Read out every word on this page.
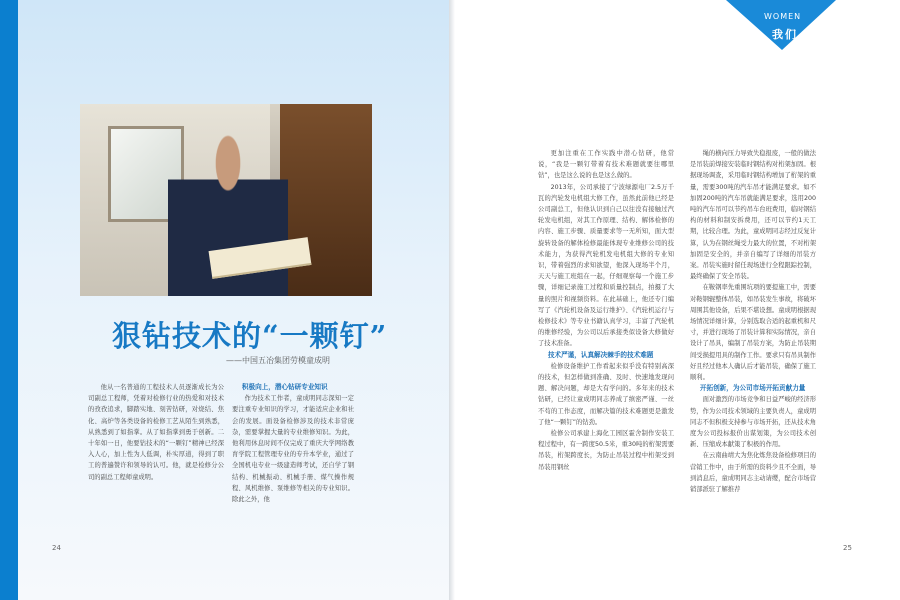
狠钻技术的“一颗钉”

——中国五冶集团劳模童成明

他从一名普通的工程技术人员逐渐成长为公司副总工程师，凭着对检修行业的热爱和对技术的孜孜追求，脚踏实地、刻苦钻研，对烧结、焦化、高炉等各类设备的检修工艺从陌生到熟悉，从熟悉到了如指掌。从了如指掌到勇于创新。二十年如一日，他要钻技术的“一颗钉”精神已经深入人心，加上性为人低调，朴实厚道，得到了职工的普遍赞许和领导的认可。他，就是检修分公司的副总工程师童成明。

积极向上，潜心钻研专业知识

作为技术工作者，童成明同志深知一定要注重专业知识的学习，才能适应企业和社会的发展。面设备检修涉及的技术非常庞杂，需要掌握大量的专业维修知识。为此，他利用休息时间不仅完成了重庆大学网络教育学院工程管理专业的专升本学业，通过了全国机电专业一级建造师考试，还自学了钢结构、机械振动、机械手册、煤气操作规程、风机维修、泵维修等相关的专业知识。除此之外，他

24
WOMEN
我们

更加注重在工作实践中潜心钻研，他常说，“我是一颗钉带着有技术难题就要往哪里钻”，也是这么说的也是这么做的。

2013年，公司承接了宁波绿源电厂2.5万千瓦的汽轮发电机组大修工作，虽然此前他已经是公司副总工，但他认识到自己以往没有接触过汽轮发电机组，对其工作原理、结构、解体检修的内容、施工步骤、质量要求等一无所知，面大型旋转设备的解体检修最能体现专业维修公司的技术能力，为获得汽轮机发电机组大修的专业知识，带着强烈的求知欲望，他深入现场半个月，天天与施工班组在一起，仔细观察每一个施工步骤，详细记录施工过程和质量控制点，拍摄了大量的照片和视频资料。在此基础上，他还专门编写了《汽轮机设备及运行维护》、《汽轮机运行与检修技术》等专业书籍认真学习，丰富了汽轮机的维修经验，为公司以后承接类似设备大修做好了技术准备。

技术严谨，认真解决棘手的技术难题

检修设备维护工作看起来似乎没有特别高深的技术，但怎样做到准确、及时、快速地发现问题、解决问题，却是大有学问的。多年来的技术钻研，已经让童成明同志养成了缜密严谨、一丝不苟的工作态度，而解决篇的技术难题更是激发了他“一颗钉”的钻劲。

检修公司承建上海化工园区霍舍制作安装工程过程中，有一跨度50.5米，重30吨的桁架需要吊装，桁架跨度长，为防止吊装过程中桁架受到吊装用钢丝

绳的横向压力导致失稳报废，一般的做法是吊装前焊接安装临时钢结构对桁架加固。根据现场调查，采用临时钢结构增加了桁架的重量，需要300吨的汽车吊才能满足要求。如不加固200吨的汽车吊就能满足要求，选用200吨的汽车吊可以节约吊车台班费用，临时钢结构的材料和制安拆费用，还可以节约1天工期，比较合理。为此，童成明同志经过反复计算，认为在钢丝绳受力最大的位置，不对桁架加固是安全的，并亲自编写了详细的吊装方案。吊装实施时留任现场进行全程跟踪控制，最终确保了安全吊装。

在鞍钢率先重围坑项的要提施工中，需要对鞍钢辊整体吊装，如吊装发生事故，将破坏周围其他设备，后果不堪设想。童成明根据现场情况详细计算，分别选取合适的起重机和尺寸，并进行现场了吊装计算和实际情况，亲自设计了吊具，编制了吊装方案，为防止吊装期间受损提用具的制作工作。要求只有吊具制作好且经过他本人确认后才能吊装，确保了施工顺利。

开拓创新，为公司市场开拓贡献力量

面对激烈的市场竞争和日益严峻的经济形势，作为公司技术领域的主要负责人，童成明同志不但积极支持参与市场开拓，还从技术角度为公司投标报价出谋划策，为公司技术创新、压缩成本献策了积极的作用。

在云南曲靖大为焦化炼焦设备检修项目的营销工作中，由于所需的资料少且不全面，导到消息后，童成明同志主动请缨，配合市场营销部派驻了解推荐

25
